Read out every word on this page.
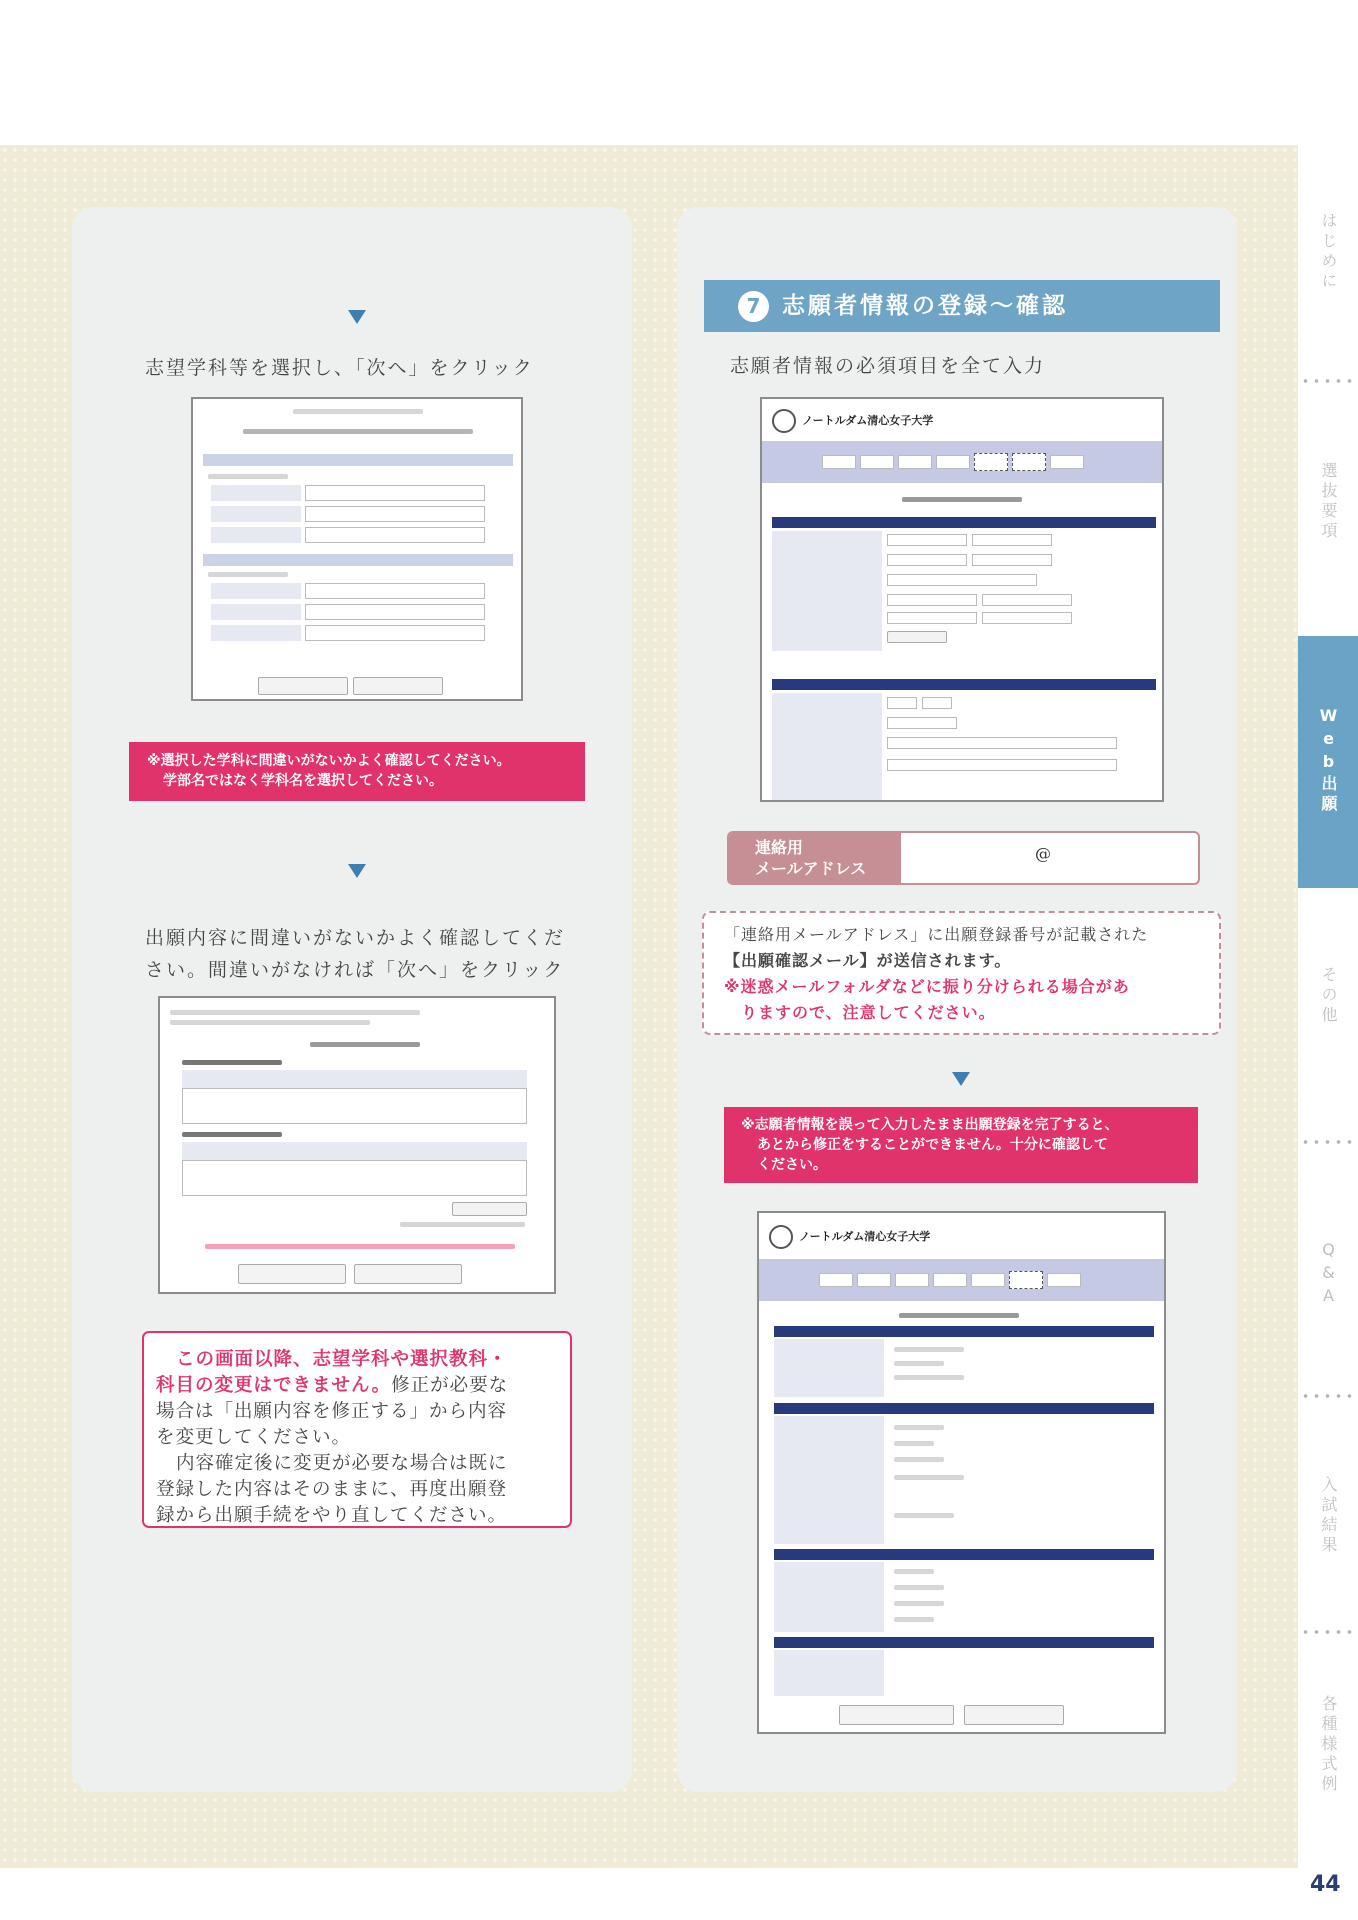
志望学科等を選択し、「次へ」をクリック
※選択した学科に間違いがないかよく確認してください。
学部名ではなく学科名を選択してください。
出願内容に間違いがないかよく確認してくだ
さい。間違いがなければ「次へ」をクリック
この画面以降、志望学科や選択教科・
科目の変更はできません。修正が必要な
場合は「出願内容を修正する」から内容
を変更してください。
内容確定後に変更が必要な場合は既に
登録した内容はそのままに、再度出願登
録から出願手続をやり直してください。
志願者情報の登録～確認
7
志願者情報の必須項目を全て入力
ノートルダム清心女子大学
連絡用
メールアドレス
@
「連絡用メールアドレス」に出願登録番号が記載された
【出願確認メール】が送信されます。
※迷惑メールフォルダなどに振り分けられる場合があ
りますので、注意してください。
※志願者情報を誤って入力したまま出願登録を完了すると、
あとから修正をすることができません。十分に確認して
ください。
ノートルダム清心女子大学
はじめに
選抜要項
Web出願
その他
Q&A
入試結果
各種様式例
44
